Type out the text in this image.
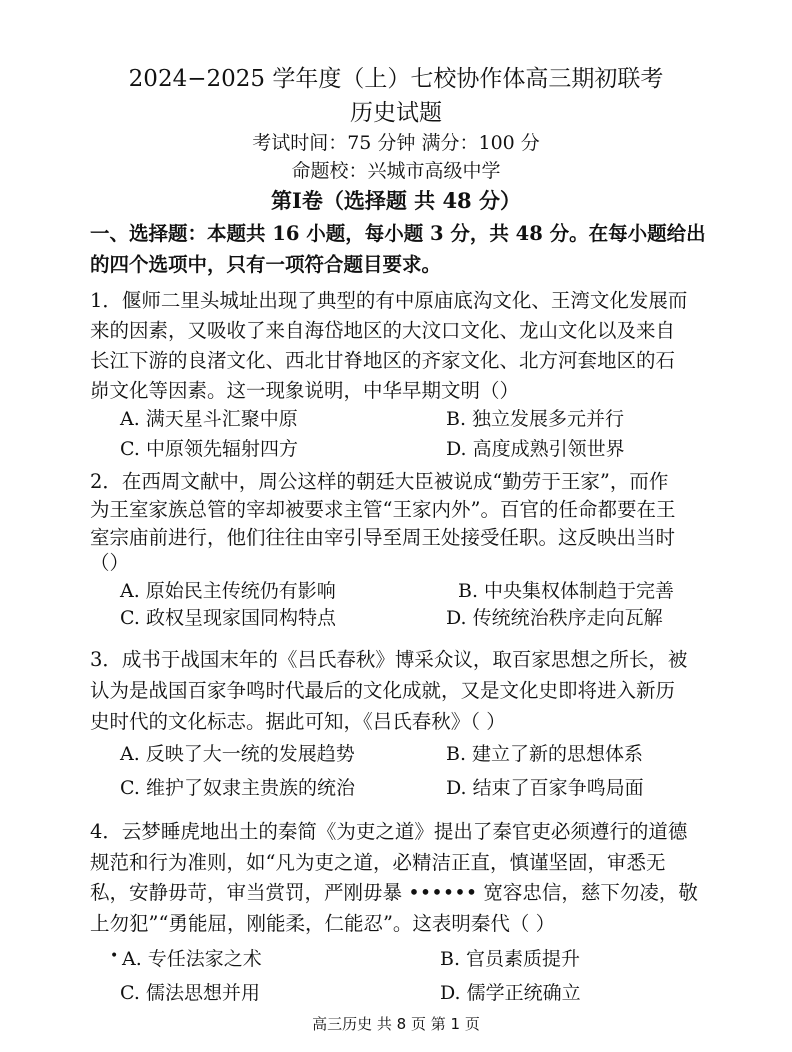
2024−2025 学年度（上）七校协作体高三期初联考
历史试题
考试时间：75 分钟 满分：100 分
命题校：兴城市高级中学
第Ⅰ卷（选择题 共 48 分）
一、选择题：本题共 16 小题，每小题 3 分，共 48 分。在每小题给出
的四个选项中，只有一项符合题目要求。
1．偃师二里头城址出现了典型的有中原庙底沟文化、王湾文化发展而
来的因素，又吸收了来自海岱地区的大汶口文化、龙山文化以及来自
长江下游的良渚文化、西北甘脊地区的齐家文化、北方河套地区的石
峁文化等因素。这一现象说明，中华早期文明（）
A. 满天星斗汇聚中原	B. 独立发展多元并行
C. 中原领先辐射四方	D. 高度成熟引领世界
2．在西周文献中，周公这样的朝廷大臣被说成“勤劳于王家”，而作
为王室家族总管的宰却被要求主管“王家内外”。百官的任命都要在王
室宗庙前进行，他们往往由宰引导至周王处接受任职。这反映出当时
（）
A. 原始民主传统仍有影响	B. 中央集权体制趋于完善
C. 政权呈现家国同构特点	D. 传统统治秩序走向瓦解
3．成书于战国末年的《吕氏春秋》博采众议，取百家思想之所长，被
认为是战国百家争鸣时代最后的文化成就，又是文化史即将进入新历
史时代的文化标志。据此可知，《吕氏春秋》（ ）
A. 反映了大一统的发展趋势	B. 建立了新的思想体系
C. 维护了奴隶主贵族的统治	D. 结束了百家争鸣局面
4．云梦睡虎地出土的秦简《为吏之道》提出了秦官吏必须遵行的道德
规范和行为准则，如“凡为吏之道，必精洁正直，慎谨坚固，审悉无
私，安静毋苛，审当赏罚，严刚毋暴 •••••• 宽容忠信，慈下勿凌，敬
上勿犯”“勇能屈，刚能柔，仁能忍”。这表明秦代（ ）
• A. 专任法家之术	B. 官员素质提升
C. 儒法思想并用	D. 儒学正统确立
高三历史 共 8 页 第 1 页
